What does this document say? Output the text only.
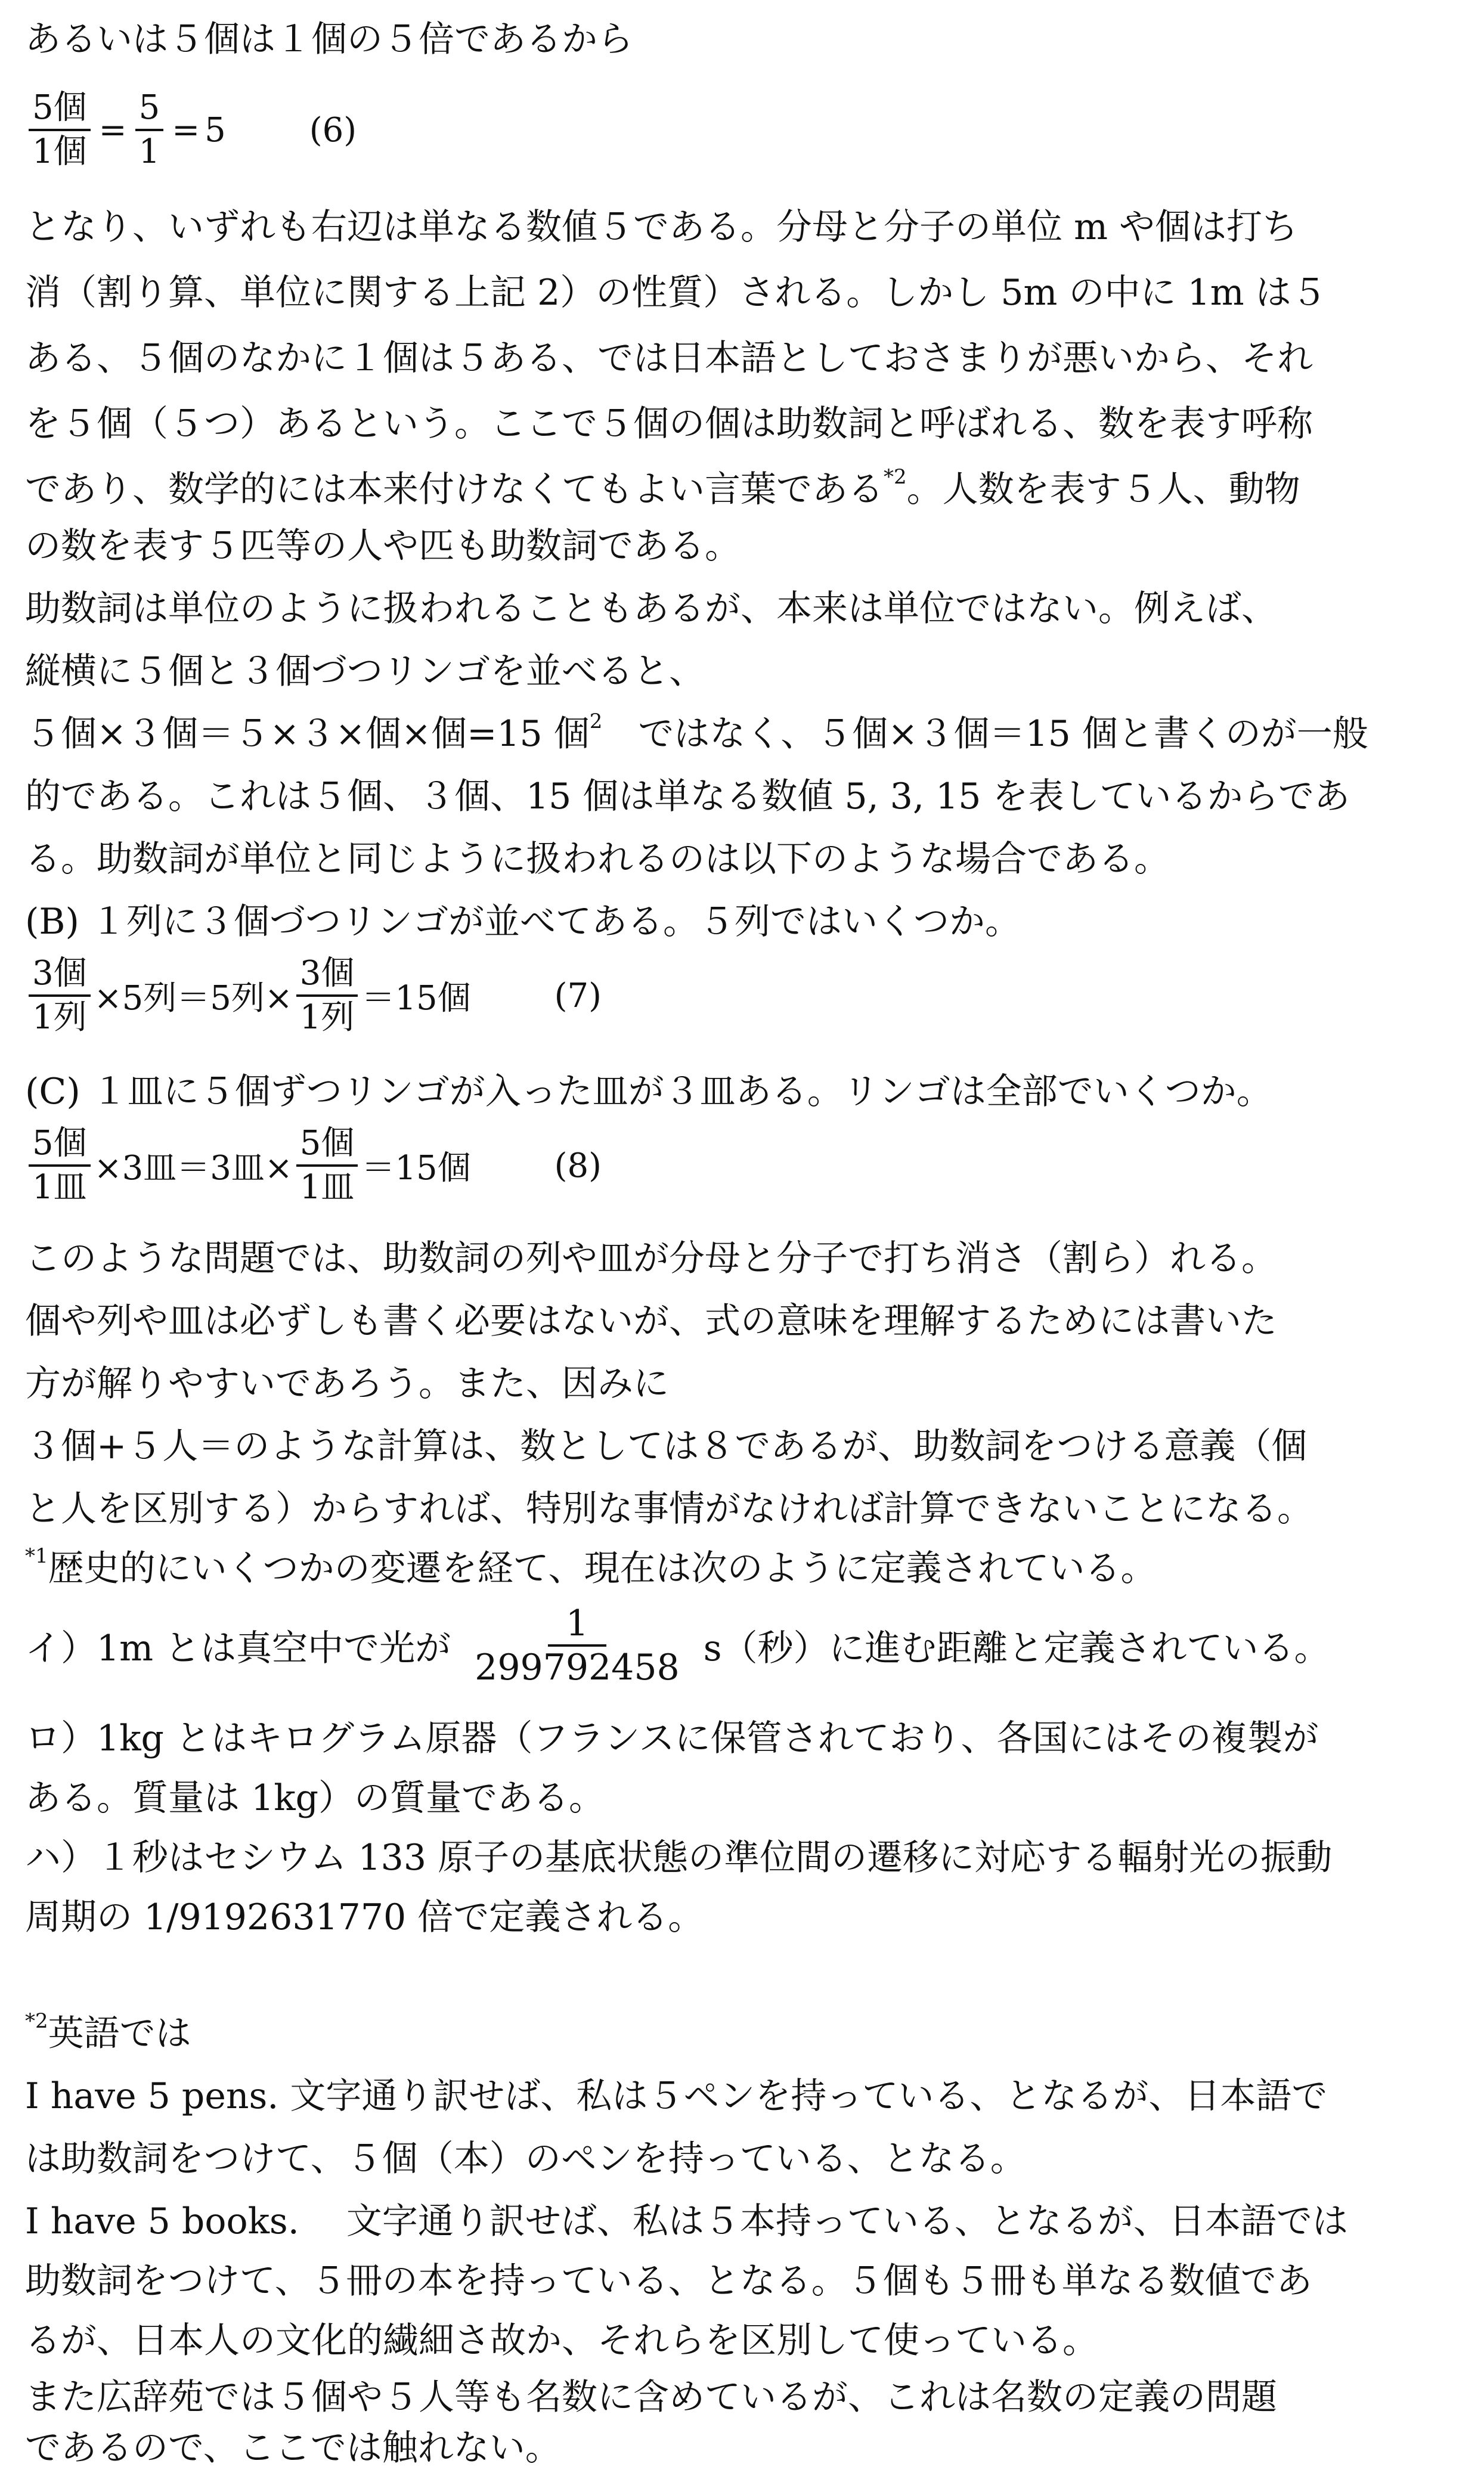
あるいは５個は１個の５倍であるから
$\frac{\text{5個}}{\text{1個}} = \frac{5}{1} = 5$	(6)
となり、いずれも右辺は単なる数値５である。分母と分子の単位 m や個は打ち
消（割り算、単位に関する上記 2）の性質）される。しかし 5m の中に 1m は５
ある、５個のなかに１個は５ある、では日本語としておさまりが悪いから、それ
を５個（５つ）あるという。ここで５個の個は助数詞と呼ばれる、数を表す呼称
であり、数学的には本来付けなくてもよい言葉である$^{*2}$。人数を表す５人、動物
の数を表す５匹等の人や匹も助数詞である。
助数詞は単位のように扱われることもあるが、本来は単位ではない。例えば、
縦横に５個と３個づつリンゴを並べると、
５個×３個＝５×３×個×個=15 個$^2$　ではなく、５個×３個＝15 個と書くのが一般
的である。これは５個、３個、15 個は単なる数値 5, 3, 15 を表しているからであ
る。助数詞が単位と同じように扱われるのは以下のような場合である。
(B) １列に３個づつリンゴが並べてある。５列ではいくつか。
$\frac{\text{3個}}{\text{1列}} \times 5$列＝5列× $\frac{\text{3個}}{\text{1列}} =15$個	(7)
(C) １皿に５個ずつリンゴが入った皿が３皿ある。リンゴは全部でいくつか。
$\frac{\text{5個}}{\text{1皿}} \times 3$皿＝3皿× $\frac{\text{5個}}{\text{1皿}} =15$個	(8)
このような問題では、助数詞の列や皿が分母と分子で打ち消さ（割ら）れる。
個や列や皿は必ずしも書く必要はないが、式の意味を理解するためには書いた
方が解りやすいであろう。また、因みに
３個+５人＝のような計算は、数としては８であるが、助数詞をつける意義（個
と人を区別する）からすれば、特別な事情がなければ計算できないことになる。
$^{*1}$歴史的にいくつかの変遷を経て、現在は次のように定義されている。
イ）1m とは真空中で光が $\frac{1}{299792458} s$（秒）に進む距離と定義されている。
ロ）1kg とはキログラム原器（フランスに保管されており、各国にはその複製が
ある。質量は 1kg）の質量である。
ハ）１秒はセシウム 133 原子の基底状態の準位間の遷移に対応する輻射光の振動
周期の 1/9192631770 倍で定義される。
$^{*2}$英語では
I have 5 pens. 文字通り訳せば、私は５ペンを持っている、となるが、日本語で
は助数詞をつけて、５個（本）のペンを持っている、となる。
I have 5 books.　 文字通り訳せば、私は５本持っている、となるが、日本語では
助数詞をつけて、５冊の本を持っている、となる。５個も５冊も単なる数値であ
るが、日本人の文化的繊細さ故か、それらを区別して使っている。
また広辞苑では５個や５人等も名数に含めているが、これは名数の定義の問題
であるので、ここでは触れない。
